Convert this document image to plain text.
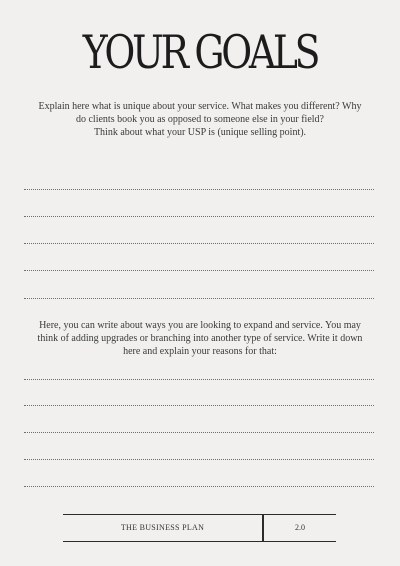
YOUR GOALS
Explain here what is unique about your service. What makes you different? Why
do clients book you as opposed to someone else in your field?
Think about what your USP is (unique selling point).
Here, you can write about ways you are looking to expand and service. You may
think of adding upgrades or branching into another type of service. Write it down
here and explain your reasons for that:
THE BUSINESS PLAN	2.0
